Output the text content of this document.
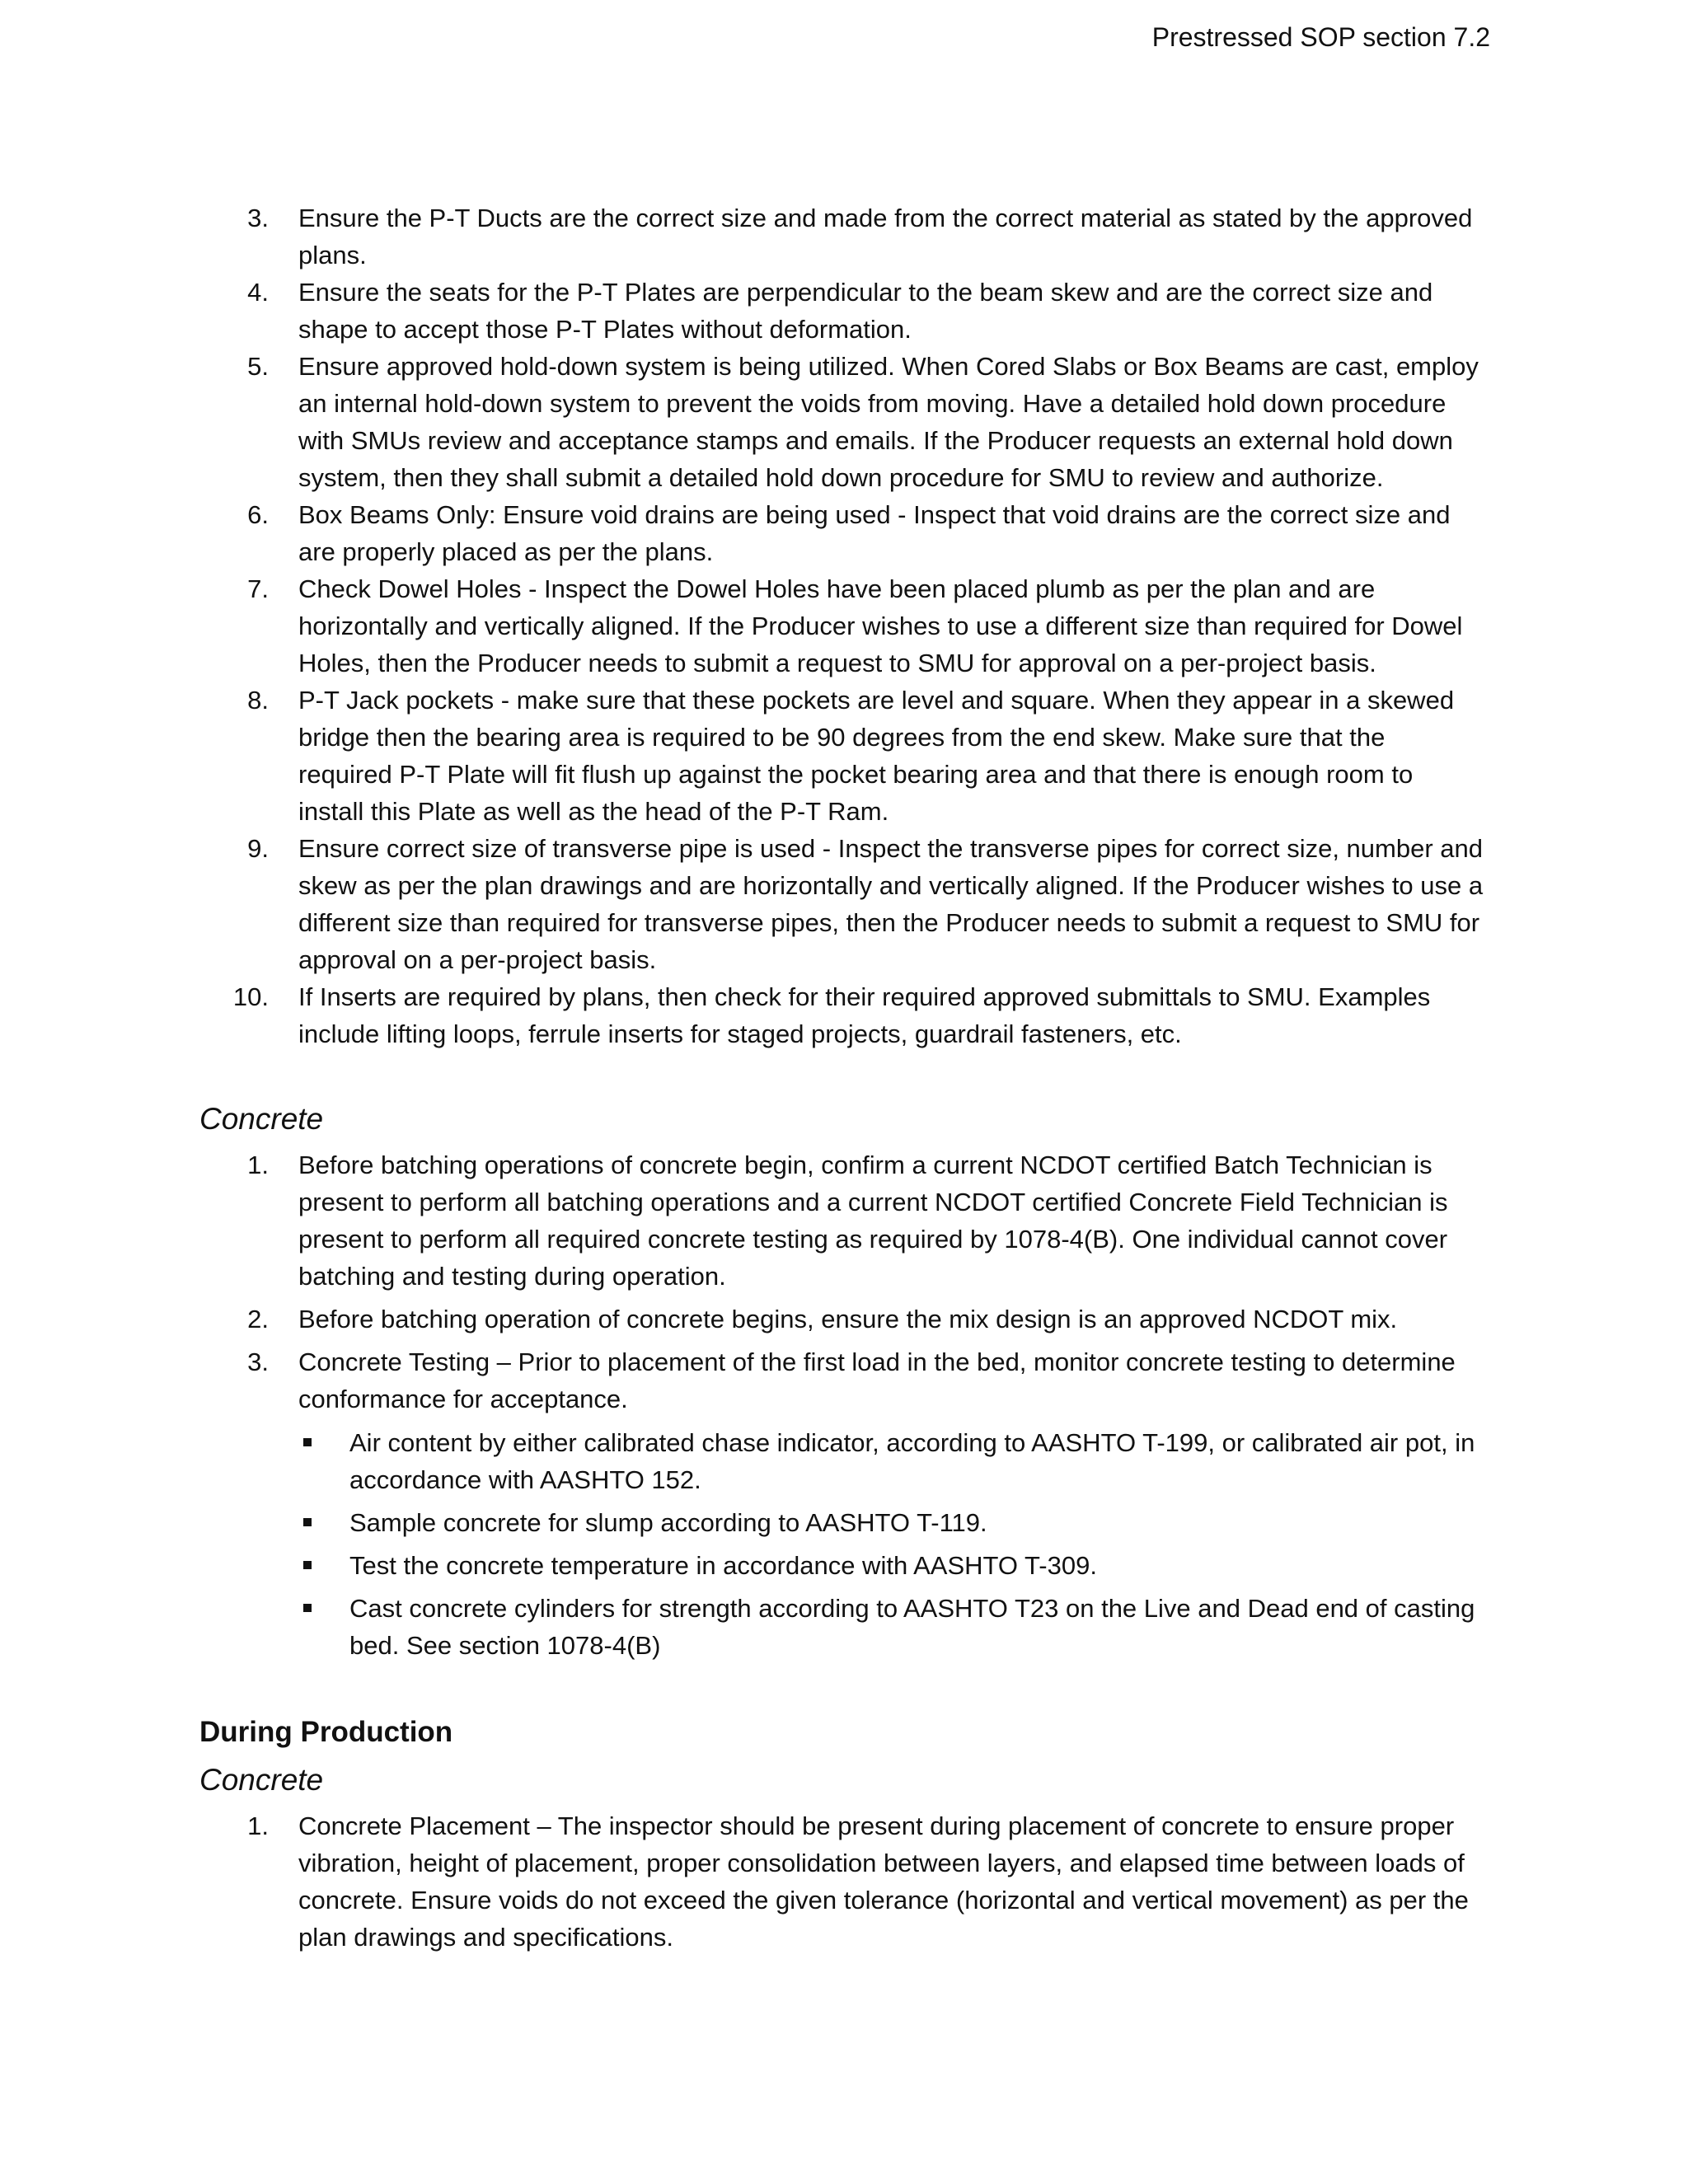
Prestressed SOP section 7.2
3. Ensure the P-T Ducts are the correct size and made from the correct material as stated by the approved plans.
4. Ensure the seats for the P-T Plates are perpendicular to the beam skew and are the correct size and shape to accept those P-T Plates without deformation.
5. Ensure approved hold-down system is being utilized. When Cored Slabs or Box Beams are cast, employ an internal hold-down system to prevent the voids from moving. Have a detailed hold down procedure with SMUs review and acceptance stamps and emails. If the Producer requests an external hold down system, then they shall submit a detailed hold down procedure for SMU to review and authorize.
6. Box Beams Only: Ensure void drains are being used - Inspect that void drains are the correct size and are properly placed as per the plans.
7. Check Dowel Holes - Inspect the Dowel Holes have been placed plumb as per the plan and are horizontally and vertically aligned. If the Producer wishes to use a different size than required for Dowel Holes, then the Producer needs to submit a request to SMU for approval on a per-project basis.
8. P-T Jack pockets - make sure that these pockets are level and square. When they appear in a skewed bridge then the bearing area is required to be 90 degrees from the end skew. Make sure that the required P-T Plate will fit flush up against the pocket bearing area and that there is enough room to install this Plate as well as the head of the P-T Ram.
9. Ensure correct size of transverse pipe is used - Inspect the transverse pipes for correct size, number and skew as per the plan drawings and are horizontally and vertically aligned. If the Producer wishes to use a different size than required for transverse pipes, then the Producer needs to submit a request to SMU for approval on a per-project basis.
10. If Inserts are required by plans, then check for their required approved submittals to SMU. Examples include lifting loops, ferrule inserts for staged projects, guardrail fasteners, etc.
Concrete
1. Before batching operations of concrete begin, confirm a current NCDOT certified Batch Technician is present to perform all batching operations and a current NCDOT certified Concrete Field Technician is present to perform all required concrete testing as required by 1078-4(B). One individual cannot cover batching and testing during operation.
2. Before batching operation of concrete begins, ensure the mix design is an approved NCDOT mix.
3. Concrete Testing – Prior to placement of the first load in the bed, monitor concrete testing to determine conformance for acceptance.
Air content by either calibrated chase indicator, according to AASHTO T-199, or calibrated air pot, in accordance with AASHTO 152.
Sample concrete for slump according to AASHTO T-119.
Test the concrete temperature in accordance with AASHTO T-309.
Cast concrete cylinders for strength according to AASHTO T23 on the Live and Dead end of casting bed. See section 1078-4(B)
During Production
Concrete
1. Concrete Placement – The inspector should be present during placement of concrete to ensure proper vibration, height of placement, proper consolidation between layers, and elapsed time between loads of concrete. Ensure voids do not exceed the given tolerance (horizontal and vertical movement) as per the plan drawings and specifications.
